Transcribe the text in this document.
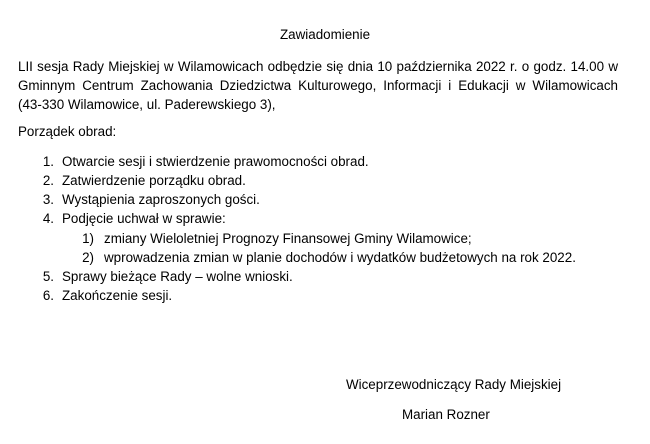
Zawiadomienie
LII sesja Rady Miejskiej w Wilamowicach odbędzie się dnia 10 października 2022 r. o godz. 14.00 w
Gminnym Centrum Zachowania Dziedzictwa Kulturowego, Informacji i Edukacji w Wilamowicach
(43-330 Wilamowice, ul. Paderewskiego 3),
Porządek obrad:
1. Otwarcie sesji i stwierdzenie prawomocności obrad.
2. Zatwierdzenie porządku obrad.
3. Wystąpienia zaproszonych gości.
4. Podjęcie uchwał w sprawie:
1) zmiany Wieloletniej Prognozy Finansowej Gminy Wilamowice;
2) wprowadzenia zmian w planie dochodów i wydatków budżetowych na rok 2022.
5. Sprawy bieżące Rady – wolne wnioski.
6. Zakończenie sesji.
Wiceprzewodniczący Rady Miejskiej
Marian Rozner
